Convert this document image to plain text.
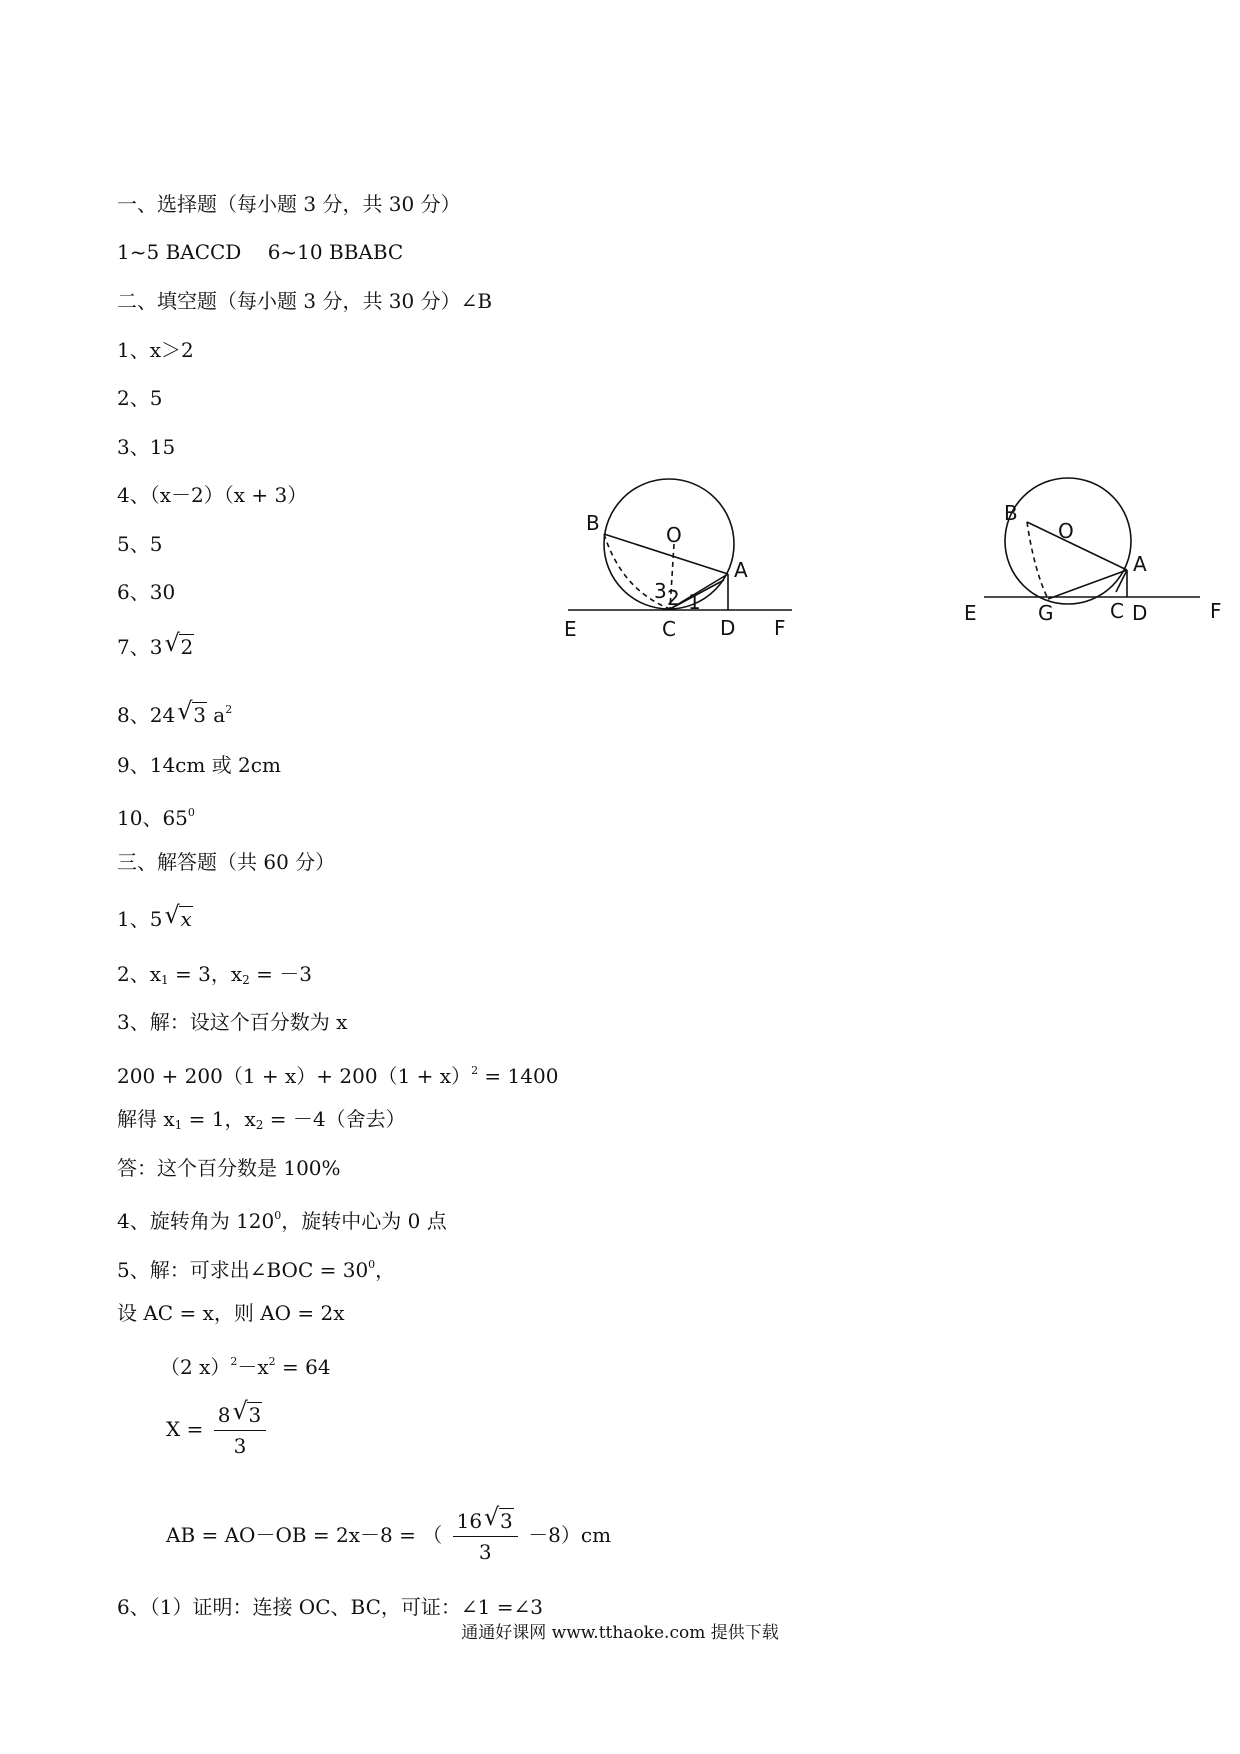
一、选择题（每小题 3 分，共 30 分）
1~5 BACCD　 6~10 BBABC
二、填空题（每小题 3 分，共 30 分）∠B
1、x＞2
2、5
3、15
4、（x－2）（x + 3）
5、5
6、30
7、3 √ 2
8、24 √ 3 $a^2$
9、14cm 或 2cm
10、$65^0$
三、解答题（共 60 分）
1、5 √ x
2、$x_1 = 3$，$x_2 = -3$
3、解：设这个百分数为 x
$200 + 200(1 + x)+ 200(1 + x)^2 = 1400$
解得 $x_1 = 1$，$x_2 = -4$（舍去）
答：这个百分数是 100%
4、旋转角为 $120^0$，旋转中心为 0 点
5、解：可求出∠BOC = $30^0$，
设 AC = x，则 AO = 2x
（2 $x)^2-x^2 = 64$
$X = \frac{8 √ 3}{3}$
AB = AO－OB = 2x－8 = （ $\frac{16 √ 3}{3} -8)cm$
6、（1）证明：连接 OC、BC，可证：∠1 =∠3
B	O
A
3 2 1
E	C D F
B
O
A
E	G	C D	F
通通好课网 www.tthaoke.com 提供下载
